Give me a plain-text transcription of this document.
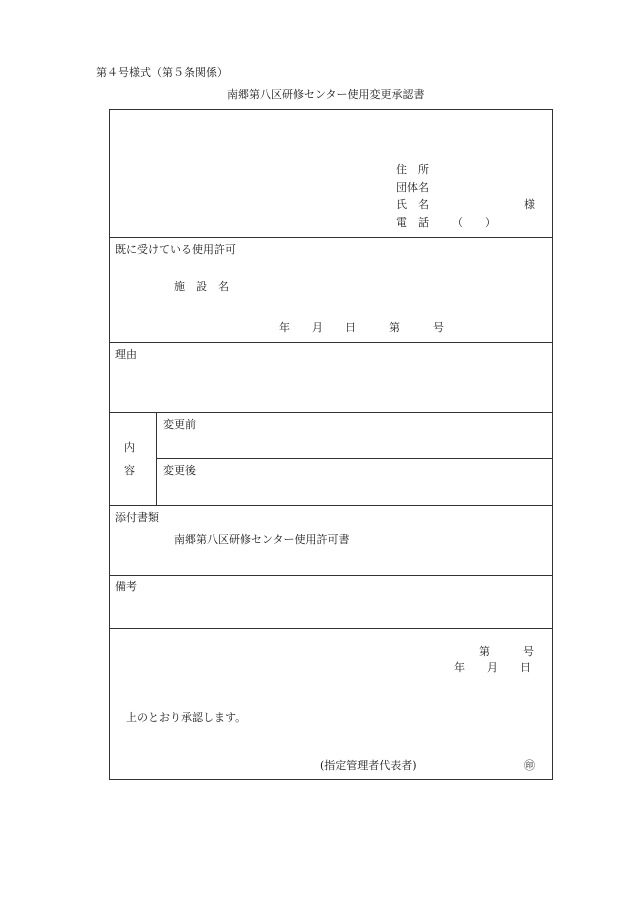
第４号様式（第５条関係）
南郷第八区研修センター使用変更承認書
住　所
団体名
氏　名	様
電　話 （　　）
既に受けている使用許可
施　設　名
年　　月　　日　　　第　　　号
理由
内
容
変更前
変更後
添付書類
南郷第八区研修センター使用許可書
備考
第　　　号
年　　月　　日
上のとおり承認します。
(指定管理者代表者)	㊞
